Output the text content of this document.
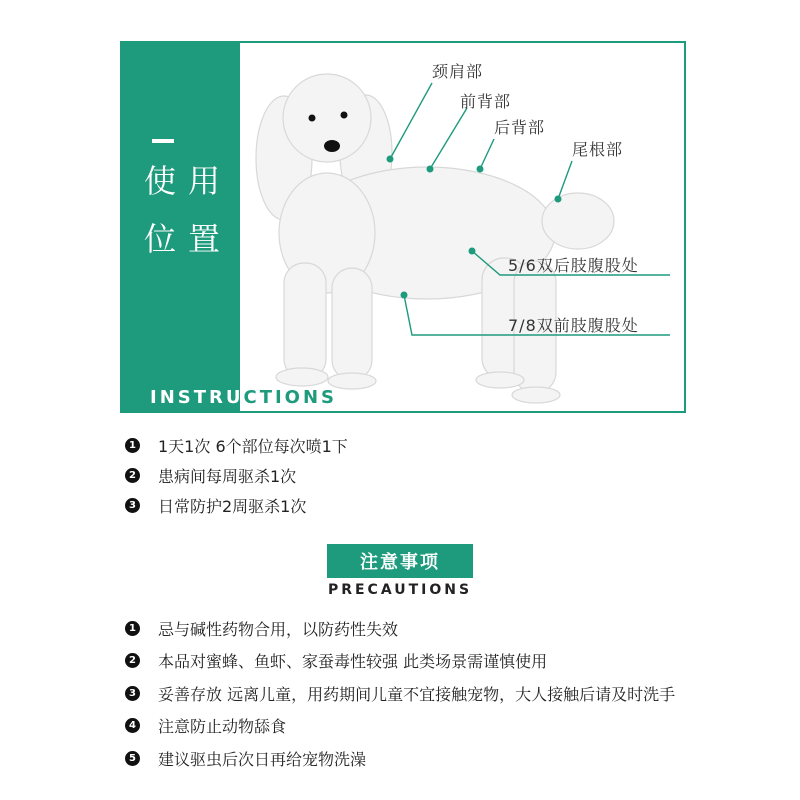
使用
位置
颈肩部
前背部
后背部
尾根部
5/6双后肢腹股处
7/8双前肢腹股处
INSTRUCTIONS
1 1天1次 6个部位每次喷1下
2 患病间每周驱杀1次
3 日常防护2周驱杀1次
注意事项
PRECAUTIONS
1 忌与碱性药物合用，以防药性失效
2 本品对蜜蜂、鱼虾、家蚕毒性较强 此类场景需谨慎使用
3 妥善存放 远离儿童，用药期间儿童不宜接触宠物，大人接触后请及时洗手
4 注意防止动物舔食
5 建议驱虫后次日再给宠物洗澡
